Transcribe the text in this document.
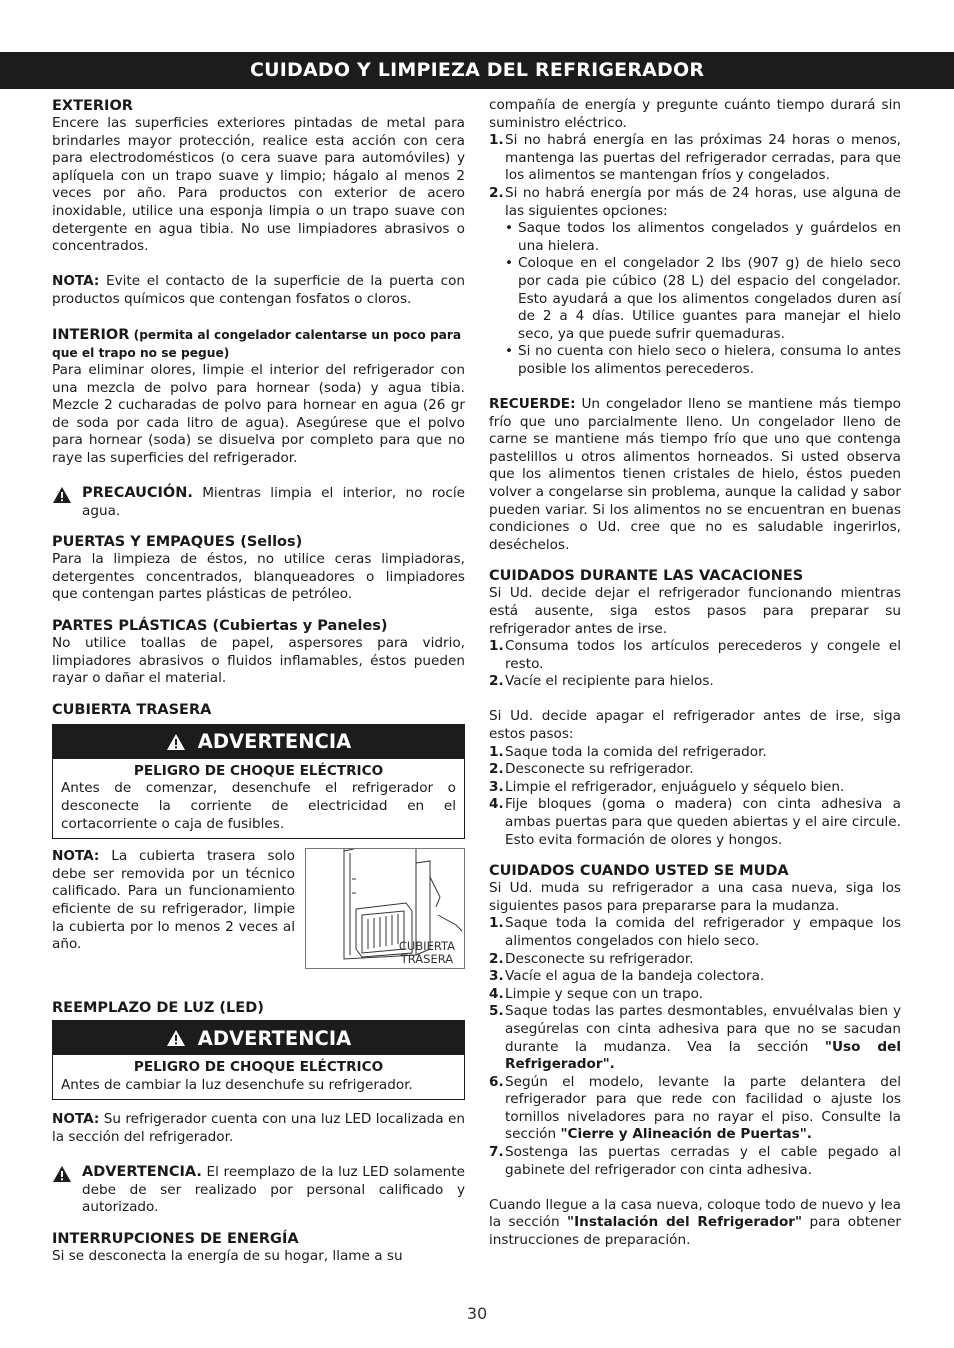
CUIDADO Y LIMPIEZA DEL REFRIGERADOR
EXTERIOR

Encere las superficies exteriores pintadas de metal para brindarles mayor protección, realice esta acción con cera para electrodomésticos (o cera suave para automóviles) y aplíquela con un trapo suave y limpio; hágalo al menos 2 veces por año. Para productos con exterior de acero inoxidable, utilice una esponja limpia o un trapo suave con detergente en agua tibia. No use limpiadores abrasivos o concentrados.

NOTA: Evite el contacto de la superficie de la puerta con productos químicos que contengan fosfatos o cloros.

INTERIOR (permita al congelador calentarse un poco para que el trapo no se pegue)

Para eliminar olores, limpie el interior del refrigerador con una mezcla de polvo para hornear (soda) y agua tibia. Mezcle 2 cucharadas de polvo para hornear en agua (26 gr de soda por cada litro de agua). Asegúrese que el polvo para hornear (soda) se disuelva por completo para que no raye las superficies del refrigerador.

PRECAUCIÓN. Mientras limpia el interior, no rocíe agua.
PUERTAS Y EMPAQUES (Sellos)

Para la limpieza de éstos, no utilice ceras limpiadoras, detergentes concentrados, blanqueadores o limpiadores que contengan partes plásticas de petróleo.

PARTES PLÁSTICAS (Cubiertas y Paneles)

No utilice toallas de papel, aspersores para vidrio, limpiadores abrasivos o fluidos inflamables, éstos pueden rayar o dañar el material.

CUBIERTA TRASERA
ADVERTENCIA
PELIGRO DE CHOQUE ELÉCTRICO

Antes de comenzar, desenchufe el refrigerador o desconecte la corriente de electricidad en el cortacorriente o caja de fusibles.

NOTA: La cubierta trasera solo debe ser removida por un técnico calificado. Para un funcionamiento eficiente de su refrigerador, limpie la cubierta por lo menos 2 veces al año.	CUBIERTA
TRASERA
REEMPLAZO DE LUZ (LED)
ADVERTENCIA
PELIGRO DE CHOQUE ELÉCTRICO

Antes de cambiar la luz desenchufe su refrigerador.

NOTA: Su refrigerador cuenta con una luz LED localizada en la sección del refrigerador.

ADVERTENCIA. El reemplazo de la luz LED solamente debe de ser realizado por personal calificado y autorizado.
INTERRUPCIONES DE ENERGÍA

Si se desconecta la energía de su hogar, llame a su

compañía de energía y pregunte cuánto tiempo durará sin suministro eléctrico.

1. Si no habrá energía en las próximas 24 horas o menos, mantenga las puertas del refrigerador cerradas, para que los alimentos se mantengan fríos y congelados.
2. Si no habrá energía por más de 24 horas, use alguna de las siguientes opciones:
• Saque todos los alimentos congelados y guárdelos en una hielera.
• Coloque en el congelador 2 lbs (907 g) de hielo seco por cada pie cúbico (28 L) del espacio del congelador. Esto ayudará a que los alimentos congelados duren así de 2 a 4 días. Utilice guantes para manejar el hielo seco, ya que puede sufrir quemaduras.
• Si no cuenta con hielo seco o hielera, consuma lo antes posible los alimentos perecederos.

RECUERDE: Un congelador lleno se mantiene más tiempo frío que uno parcialmente lleno. Un congelador lleno de carne se mantiene más tiempo frío que uno que contenga pastelillos u otros alimentos horneados. Si usted observa que los alimentos tienen cristales de hielo, éstos pueden volver a congelarse sin problema, aunque la calidad y sabor pueden variar. Si los alimentos no se encuentran en buenas condiciones o Ud. cree que no es saludable ingerirlos, deséchelos.

CUIDADOS DURANTE LAS VACACIONES

Si Ud. decide dejar el refrigerador funcionando mientras está ausente, siga estos pasos para preparar su refrigerador antes de irse.

1. Consuma todos los artículos perecederos y congele el resto.
2. Vacíe el recipiente para hielos.

Si Ud. decide apagar el refrigerador antes de irse, siga estos pasos:

1. Saque toda la comida del refrigerador.
2. Desconecte su refrigerador.
3. Limpie el refrigerador, enjuáguelo y séquelo bien.
4. Fije bloques (goma o madera) con cinta adhesiva a ambas puertas para que queden abiertas y el aire circule. Esto evita formación de olores y hongos.
CUIDADOS CUANDO USTED SE MUDA

Si Ud. muda su refrigerador a una casa nueva, siga los siguientes pasos para prepararse para la mudanza.

1. Saque toda la comida del refrigerador y empaque los alimentos congelados con hielo seco.
2. Desconecte su refrigerador.
3. Vacíe el agua de la bandeja colectora.
4. Limpie y seque con un trapo.
5. Saque todas las partes desmontables, envuélvalas bien y asegúrelas con cinta adhesiva para que no se sacudan durante la mudanza. Vea la sección "Uso del Refrigerador".
6. Según el modelo, levante la parte delantera del refrigerador para que rede con facilidad o ajuste los tornillos niveladores para no rayar el piso. Consulte la sección "Cierre y Alineación de Puertas".
7. Sostenga las puertas cerradas y el cable pegado al gabinete del refrigerador con cinta adhesiva.

Cuando llegue a la casa nueva, coloque todo de nuevo y lea la sección "Instalación del Refrigerador" para obtener instrucciones de preparación.

30
